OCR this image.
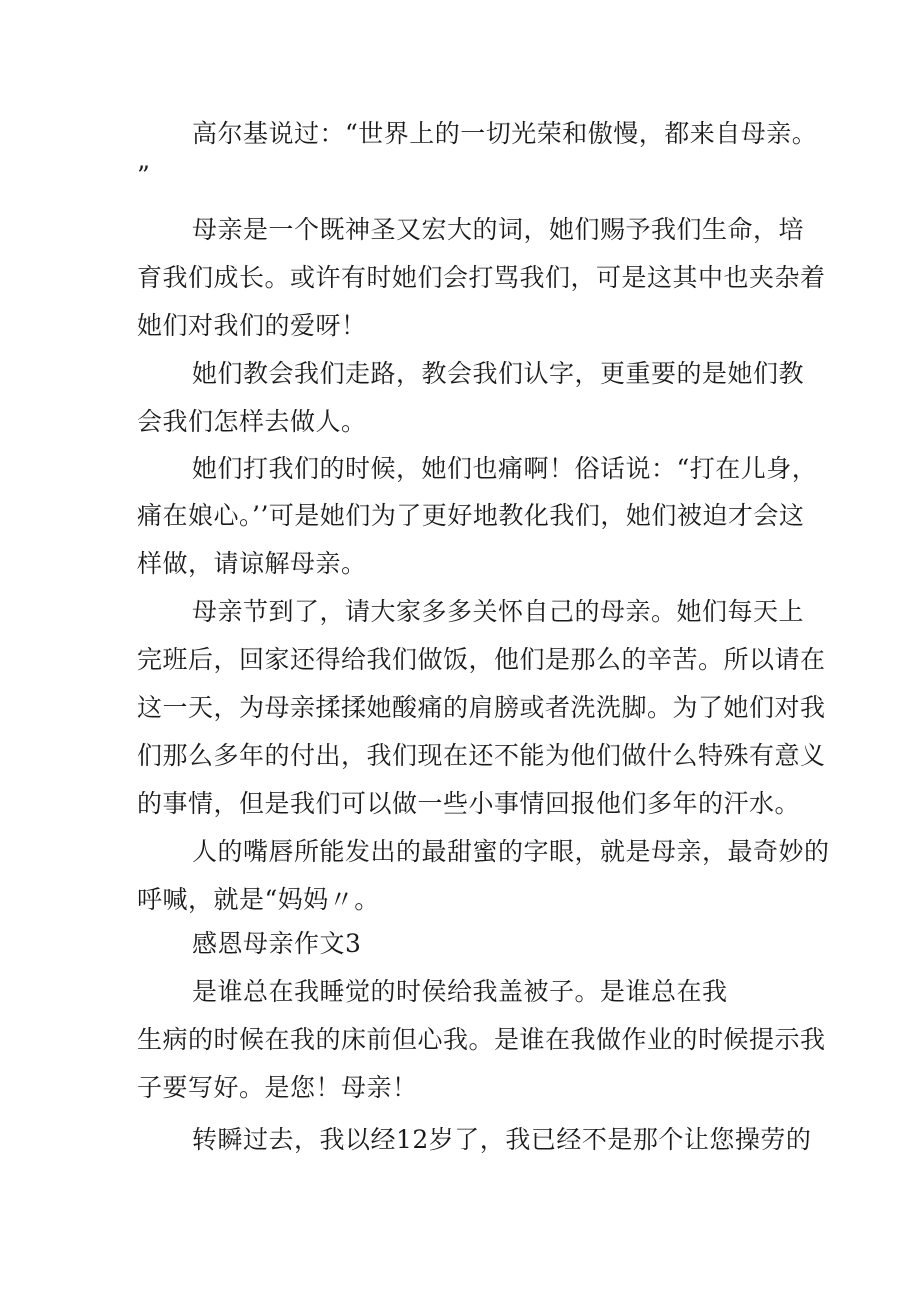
高尔基说过：“世界上的一切光荣和傲慢，都来自母亲。
”
母亲是一个既神圣又宏大的词，她们赐予我们生命，培
育我们成长。或许有时她们会打骂我们，可是这其中也夹杂着
她们对我们的爱呀！
她们教会我们走路，教会我们认字，更重要的是她们教
会我们怎样去做人。
她们打我们的时候，她们也痛啊！俗话说：“打在儿身，
痛在娘心。’’可是她们为了更好地教化我们，她们被迫才会这
样做，请谅解母亲。
母亲节到了，请大家多多关怀自己的母亲。她们每天上
完班后，回家还得给我们做饭，他们是那么的辛苦。所以请在
这一天，为母亲揉揉她酸痛的肩膀或者洗洗脚。为了她们对我
们那么多年的付出，我们现在还不能为他们做什么特殊有意义
的事情，但是我们可以做一些小事情回报他们多年的汗水。
人的嘴唇所能发出的最甜蜜的字眼，就是母亲，最奇妙的
呼喊，就是“妈妈〃。
感恩母亲作文3
是谁总在我睡觉的时侯给我盖被子。是谁总在我
生病的时候在我的床前但心我。是谁在我做作业的时候提示我
子要写好。是您！母亲！
转瞬过去，我以经12岁了，我已经不是那个让您操劳的
